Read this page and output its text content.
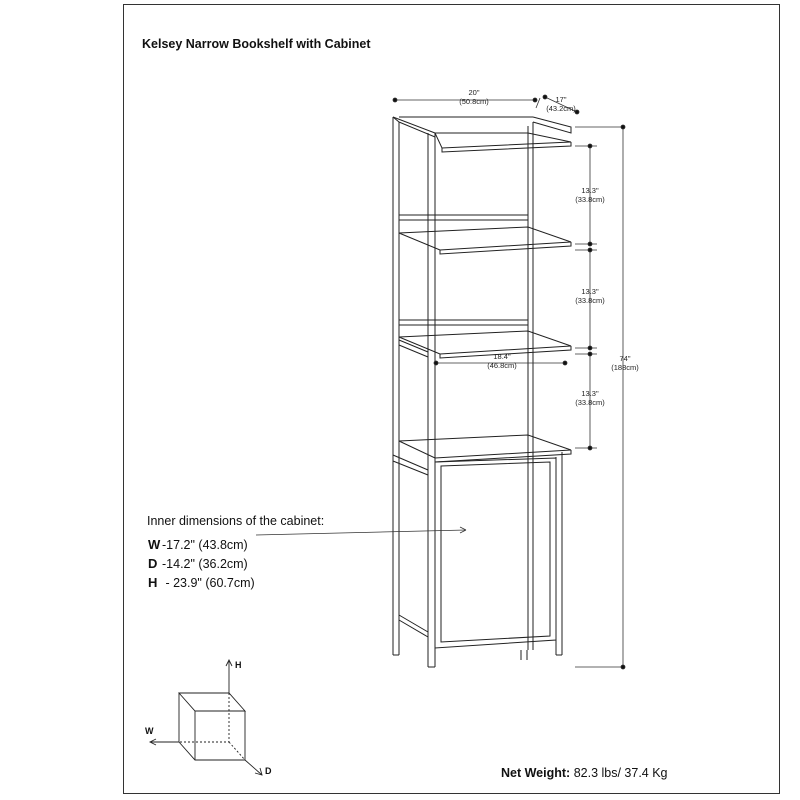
Kelsey Narrow Bookshelf with Cabinet
20"
(50.8cm)	17"
(43.2cm)
74"
(188cm)
13.3"
(33.8cm)
13.3"
(33.8cm)
13.3"
(33.8cm)
18.4"
(46.8cm)
Inner dimensions of the cabinet:
W -17.2" (43.8cm)
D -14.2" (36.2cm)
H - 23.9" (60.7cm)
H
W
D	Net Weight: 82.3 lbs/ 37.4 Kg
